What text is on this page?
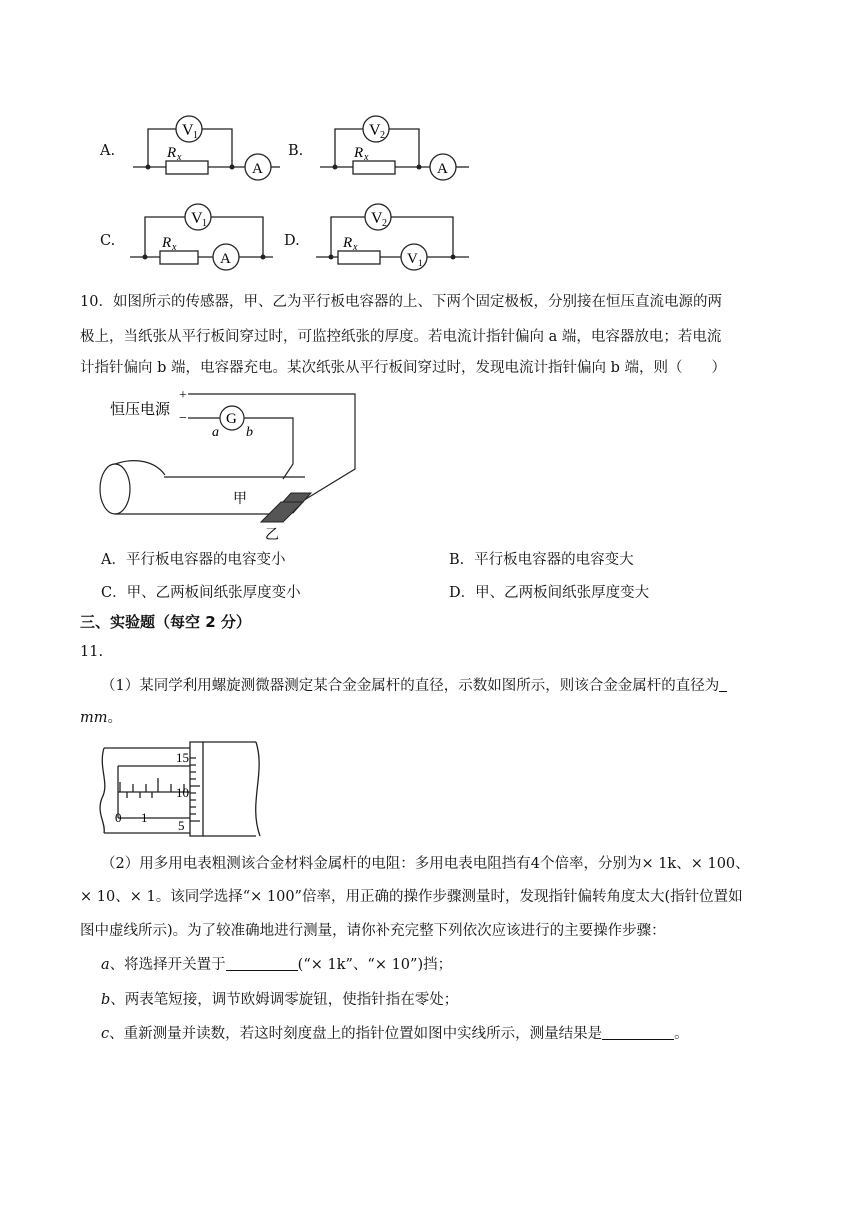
A.
V 1
A
R x	B.
V 2
A
R x
C.
V 1
A
R x	D.
V 2
V 1
R x
10．如图所示的传感器，甲、乙为平行板电容器的上、下两个固定极板，分别接在恒压直流电源的两
极上，当纸张从平行板间穿过时，可监控纸张的厚度。若电流计指针偏向 a 端，电容器放电；若电流
计指针偏向 b 端，电容器充电。某次纸张从平行板间穿过时，发现电流计指针偏向 b 端，则（　　）
恒压电源
+
−	G
a b
甲
乙
A．平行板电容器的电容变小	B．平行板电容器的电容变大
C．甲、乙两板间纸张厚度变小	D．甲、乙两板间纸张厚度变大
三、实验题（每空 2 分）
11.
（1）某同学利用螺旋测微器测定某合金金属杆的直径，示数如图所示，则该合金金属杆的直径为
mm。
15
10
5
0 1
（2）用多用电表粗测该合金材料金属杆的电阻：多用电表电阻挡有4个倍率，分别为× 1k、× 100、
× 10、× 1。该同学选择“× 100”倍率，用正确的操作步骤测量时，发现指针偏转角度太大(指针位置如
图中虚线所示)。为了较准确地进行测量，请你补充完整下列依次应该进行的主要操作步骤：
a、将选择开关置于	(“× 1k”、“× 10”)挡；
b、两表笔短接，调节欧姆调零旋钮，使指针指在零处；
c、重新测量并读数，若这时刻度盘上的指针位置如图中实线所示，测量结果是	。
